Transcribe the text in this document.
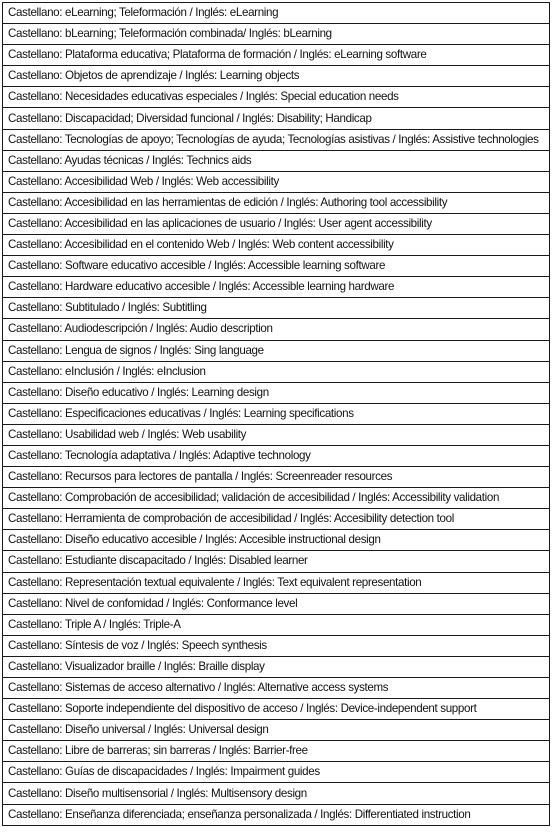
Castellano: eLearning; Teleformación / Inglés: eLearning
Castellano: bLearning; Teleformación combinada/ Inglés: bLearning
Castellano: Plataforma educativa; Plataforma de formación / Inglés: eLearning software
Castellano: Objetos de aprendizaje / Inglés: Learning objects
Castellano: Necesidades educativas especiales / Inglés: Special education needs
Castellano: Discapacidad; Diversidad funcional / Inglés: Disability; Handicap
Castellano: Tecnologías de apoyo; Tecnologías de ayuda; Tecnologías asistivas / Inglés: Assistive technologies
Castellano: Ayudas técnicas / Inglés: Technics aids
Castellano: Accesibilidad Web / Inglés: Web accessibility
Castellano: Accesibilidad en las herramientas de edición / Inglés: Authoring tool accessibility
Castellano: Accesibilidad en las aplicaciones de usuario / Inglés: User agent accessibility
Castellano: Accesibilidad en el contenido Web / Inglés: Web content accessibility
Castellano: Software educativo accesible / Inglés: Accessible learning software
Castellano: Hardware educativo accesible / Inglés: Accessible learning hardware
Castellano: Subtitulado / Inglés: Subtitling
Castellano: Audiodescripción / Inglés: Audio description
Castellano: Lengua de signos / Inglés: Sing language
Castellano: eInclusión / Inglés: eInclusion
Castellano: Diseño educativo / Inglés: Learning design
Castellano: Especificaciones educativas / Inglés: Learning specifications
Castellano: Usabilidad web / Inglés: Web usability
Castellano: Tecnología adaptativa / Inglés: Adaptive technology
Castellano: Recursos para lectores de pantalla / Inglés: Screenreader resources
Castellano: Comprobación de accesibilidad; validación de accesibilidad / Inglés: Accessibility validation
Castellano: Herramienta de comprobación de accesibilidad / Inglés: Accesibility detection tool
Castellano: Diseño educativo accesible / Inglés: Accesible instructional design
Castellano: Estudiante discapacitado / Inglés: Disabled learner
Castellano: Representación textual equivalente / Inglés: Text equivalent representation
Castellano: Nivel de confomidad / Inglés: Conformance level
Castellano: Triple A / Inglés: Triple-A
Castellano: Síntesis de voz / Inglés: Speech synthesis
Castellano: Visualizador braille / Inglés: Braille display
Castellano: Sistemas de acceso alternativo / Inglés: Alternative access systems
Castellano: Soporte independiente del dispositivo de acceso / Inglés: Device-independent support
Castellano: Diseño universal / Inglés: Universal design
Castellano: Libre de barreras; sin barreras / Inglés: Barrier-free
Castellano: Guías de discapacidades / Inglés: Impairment guides
Castellano: Diseño multisensorial / Inglés: Multisensory design
Castellano: Enseñanza diferenciada; enseñanza personalizada / Inglés: Differentiated instruction
